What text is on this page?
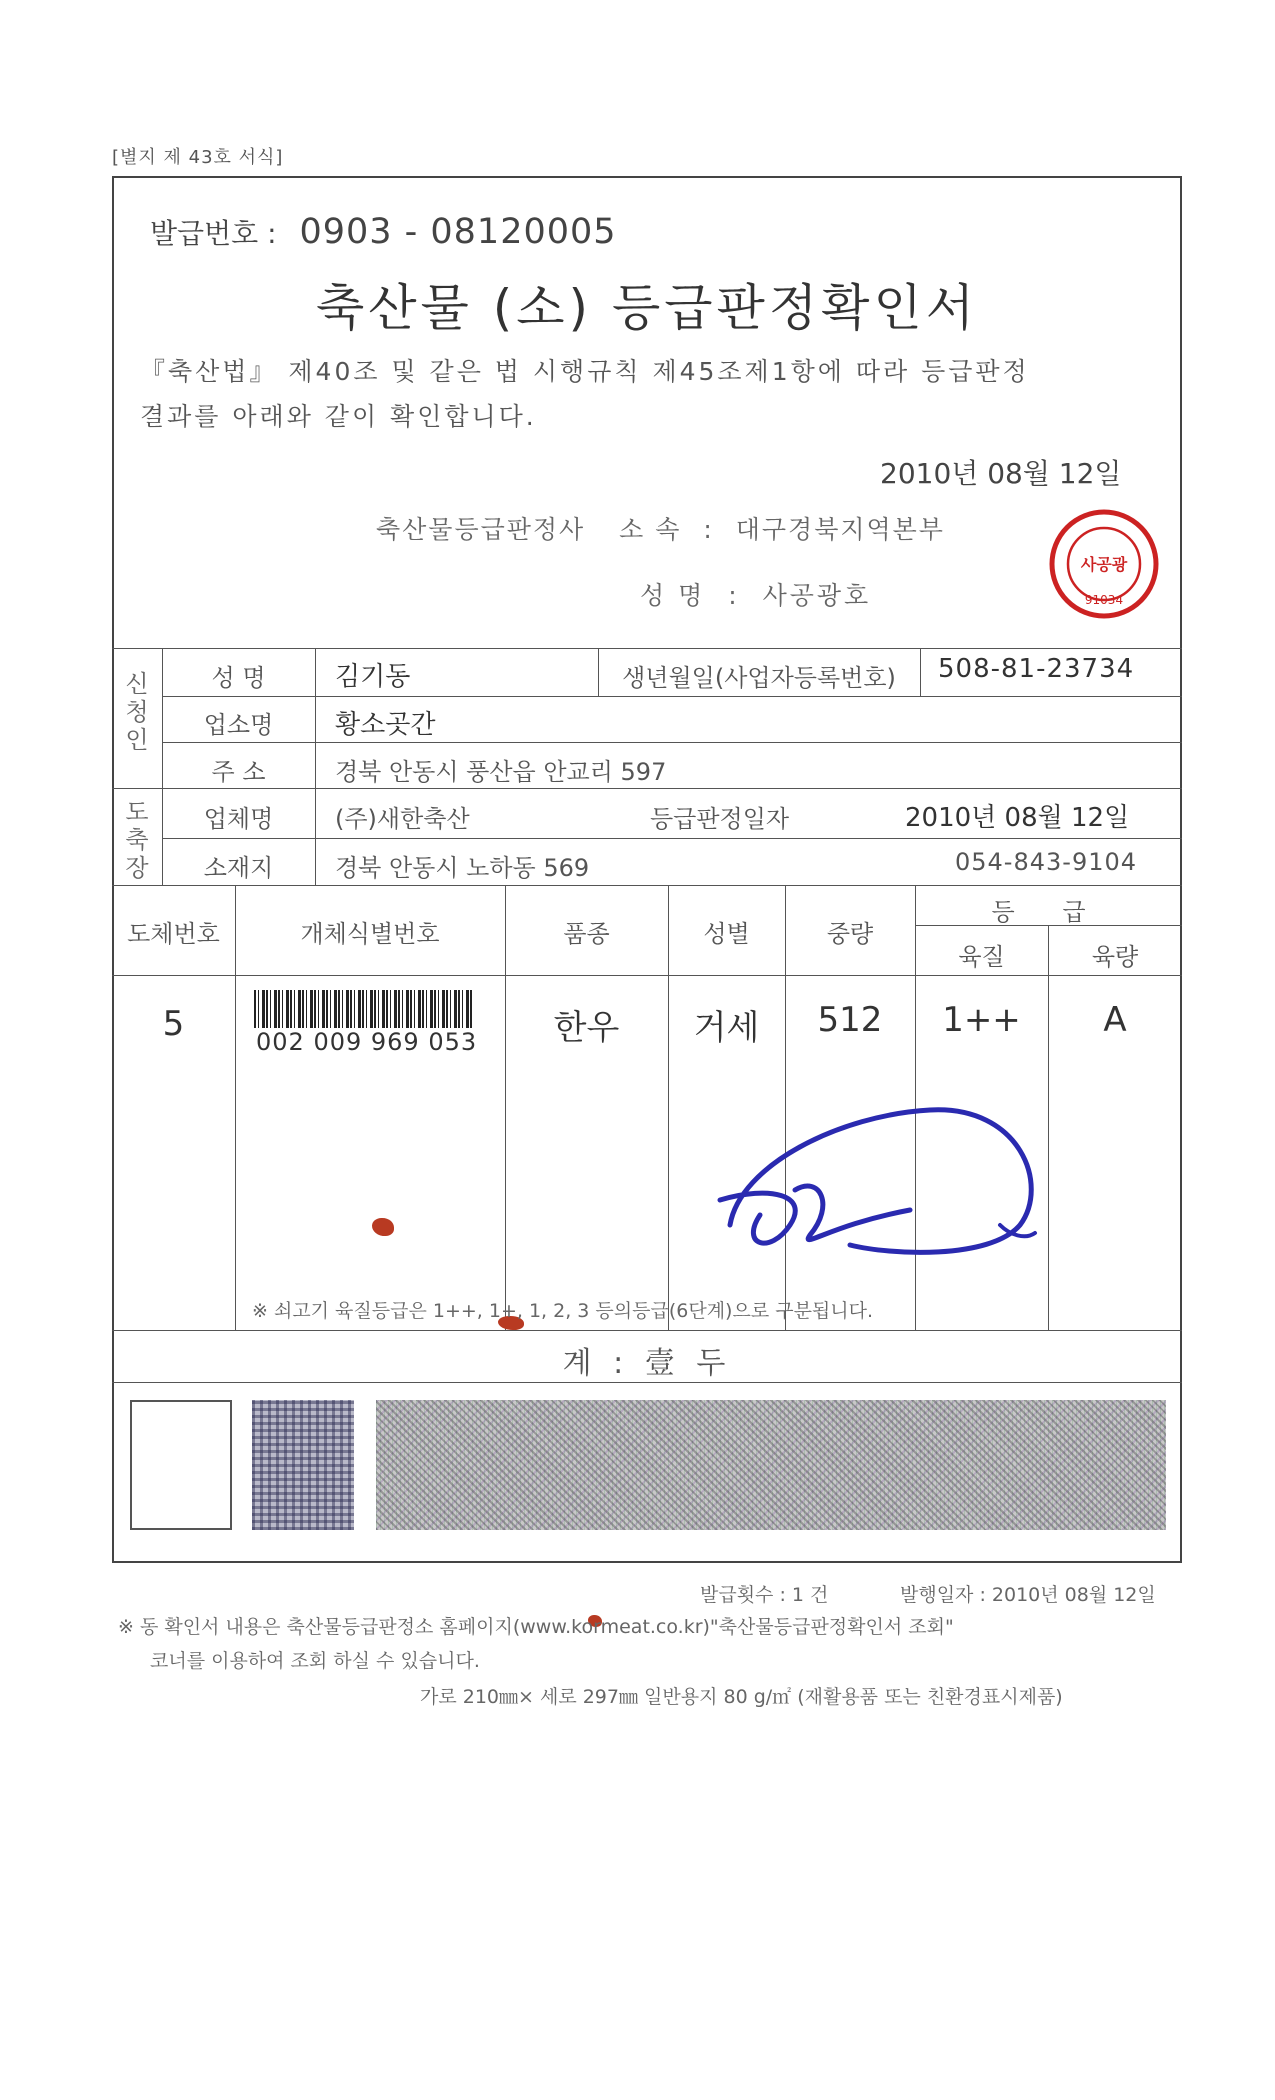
[별지 제 43호 서식]
발급번호 : 0903 - 08120005
축산물 (소) 등급판정확인서
『축산법』 제40조 및 같은 법 시행규칙 제45조제1항에 따라 등급판정
결과를 아래와 같이 확인합니다.
2010년 08월 12일
축산물등급판정사 소 속 : 대구경북지역본부
성 명 : 사공광호
사공광
91034
신청인
성 명	김기동	생년월일(사업자등록번호)	508-81-23734
업소명	황소곳간
주 소	경북 안동시 풍산읍 안교리 597
도축장
업체명	(주)새한축산	등급판정일자	2010년 08월 12일
소재지	경북 안동시 노하동 569	054-843-9104
도체번호	개체식별번호	품종	성별	중량
등 급
육질	육량
5	002 009 969 053	한우	거세	512	1++	A
※ 쇠고기 육질등급은 1++, 1+, 1, 2, 3 등의등급(6단계)으로 구분됩니다.
계 : 壹 두
발급횟수 : 1 건	발행일자 : 2010년 08월 12일
※ 동 확인서 내용은 축산물등급판정소 홈페이지(www.kormeat.co.kr)"축산물등급판정확인서 조회"
코너를 이용하여 조회 하실 수 있습니다.
가로 210㎜× 세로 297㎜ 일반용지 80 g/㎡ (재활용품 또는 친환경표시제품)
